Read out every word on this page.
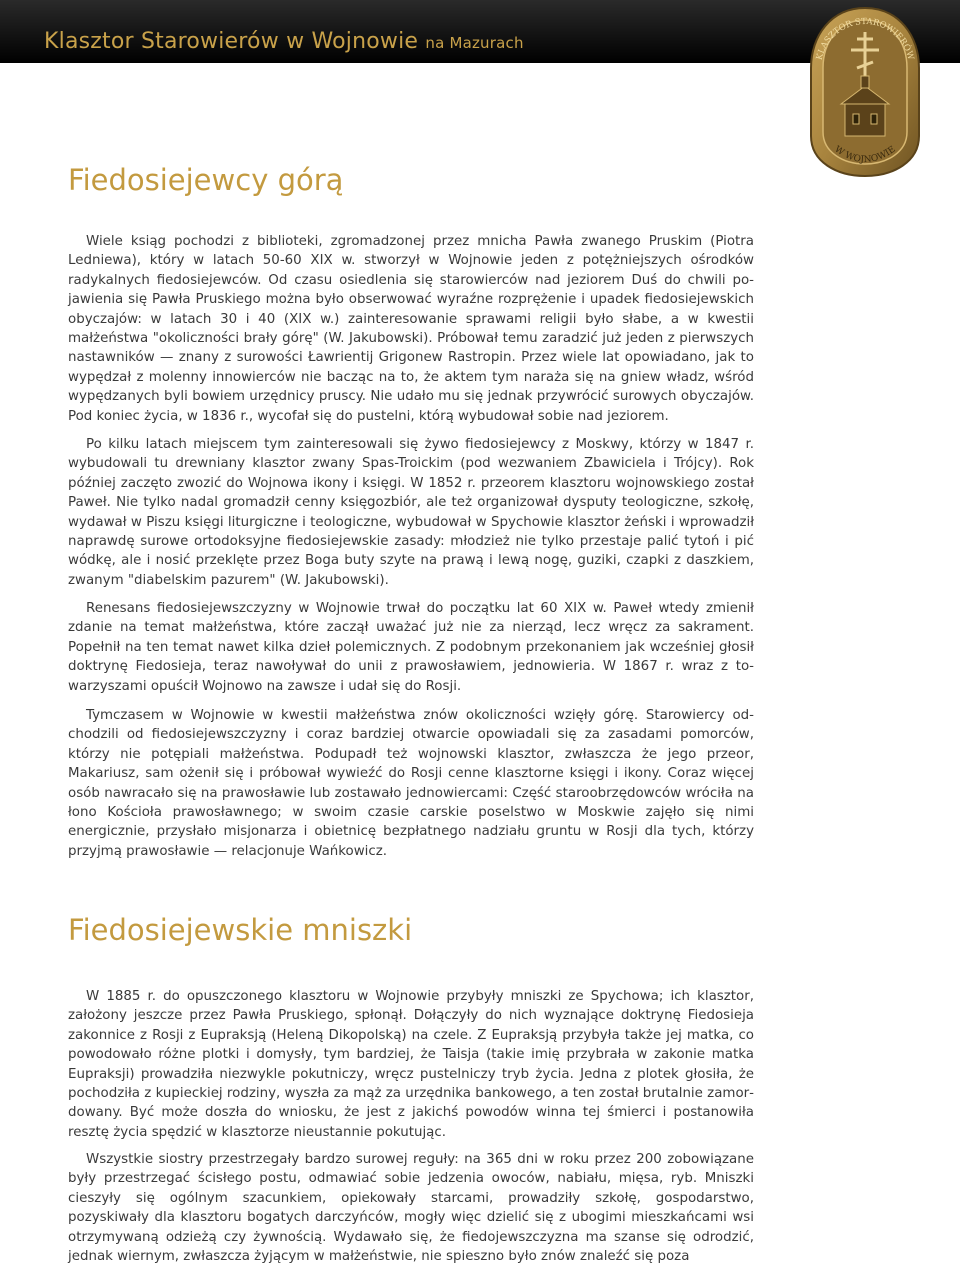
Klasztor Starowierów w Wojnowie na Mazurach
KLASZTOR STAROWIERÓW
W WOJNOWIE
Fiedosiejewcy górą

Wiele ksiąg pochodzi z biblioteki, zgromadzonej przez mnicha Pawła zwanego Pruskim (Piotra Ledniewa), który w latach 50-60 XIX w. stworzył w Wojnowie jeden z potężniejszych ośrodków radykalnych fiedosiejewców. Od czasu osiedlenia się starowierców nad jeziorem Duś do chwili pojawienia się Pawła Pruskiego można było obserwować wyraźne rozprężenie i upadek fiedosiejewskich obyczajów: w latach 30 i 40 (XIX w.) zainteresowanie sprawami religii było słabe, a w kwestii małżeństwa "okoliczności brały górę" (W. Jakubowski). Próbował temu zaradzić już jeden z pierwszych nastawników — znany z surowości Ławrientij Grigonew Rastropin. Przez wiele lat opowiadano, jak to wypędzał z molenny innowierców nie bacząc na to, że aktem tym naraża się na gniew władz, wśród wypędzanych byli bowiem urzędnicy pruscy. Nie udało mu się jednak przywrócić surowych obyczajów. Pod koniec życia, w 1836 r., wycofał się do pustelni, którą wybudował sobie nad jeziorem.

Po kilku latach miejscem tym zainteresowali się żywo fiedosiejewcy z Moskwy, którzy w 1847 r. wybudowali tu drewniany klasztor zwany Spas-Troickim (pod wezwaniem Zbawiciela i Trójcy). Rok później zaczęto zwozić do Wojnowa ikony i księgi. W 1852 r. przeorem klasztoru wojnowskiego został Paweł. Nie tylko nadal gromadził cenny księgozbiór, ale też organizował dysputy teologiczne, szkołę, wydawał w Piszu księgi liturgiczne i teologiczne, wybudował w Spychowie klasztor żeński i wprowadził naprawdę surowe ortodoksyjne fiedosiejewskie zasady: młodzież nie tylko przestaje palić tytoń i pić wódkę, ale i nosić przeklęte przez Boga buty szyte na prawą i lewą nogę, guziki, czapki z daszkiem, zwanym "diabelskim pazurem" (W. Jakubowski).

Renesans fiedosiejewszczyzny w Wojnowie trwał do początku lat 60 XIX w. Paweł wtedy zmienił zdanie na temat małżeństwa, które zaczął uważać już nie za nierząd, lecz wręcz za sakrament. Popełnił na ten temat nawet kilka dzieł polemicznych. Z podobnym przekonaniem jak wcześniej głosił doktrynę Fiedosieja, teraz nawoływał do unii z prawosławiem, jednowieria. W 1867 r. wraz z towarzyszami opuścił Wojnowo na zawsze i udał się do Rosji.

Tymczasem w Wojnowie w kwestii małżeństwa znów okoliczności wzięły górę. Starowiercy odchodzili od fiedosiejewszczyzny i coraz bardziej otwarcie opowiadali się za zasadami pomorców, którzy nie potępiali małżeństwa. Podupadł też wojnowski klasztor, zwłaszcza że jego przeor, Makariusz, sam ożenił się i próbował wywieźć do Rosji cenne klasztorne księgi i ikony. Coraz więcej osób nawracało się na prawosławie lub zostawało jednowiercami: Część staroobrzędowców wróciła na łono Kościoła prawosławnego; w swoim czasie carskie poselstwo w Moskwie zajęło się nimi energicznie, przysłało misjonarza i obietnicę bezpłatnego nadziału gruntu w Rosji dla tych, którzy przyjmą prawosławie — relacjonuje Wańkowicz.

Fiedosiejewskie mniszki

W 1885 r. do opuszczonego klasztoru w Wojnowie przybyły mniszki ze Spychowa; ich klasztor, założony jeszcze przez Pawła Pruskiego, spłonął. Dołączyły do nich wyznające doktrynę Fiedosieja zakonnice z Rosji z Eupraksją (Heleną Dikopolską) na czele. Z Eupraksją przybyła także jej matka, co powodowało różne plotki i domysły, tym bardziej, że Taisja (takie imię przybrała w zakonie matka Eupraksji) prowadziła niezwykle pokutniczy, wręcz pustelniczy tryb życia. Jedna z plotek głosiła, że pochodziła z kupieckiej rodziny, wyszła za mąż za urzędnika bankowego, a ten został brutalnie zamordowany. Być może doszła do wniosku, że jest z jakichś powodów winna tej śmierci i postanowiła resztę życia spędzić w klasztorze nieustannie pokutując.

Wszystkie siostry przestrzegały bardzo surowej reguły: na 365 dni w roku przez 200 zobowiązane były przestrzegać ścisłego postu, odmawiać sobie jedzenia owoców, nabiału, mięsa, ryb. Mniszki cieszyły się ogólnym szacunkiem, opiekowały starcami, prowadziły szkołę, gospodarstwo, pozyskiwały dla klasztoru bogatych darczyńców, mogły więc dzielić się z ubogimi mieszkańcami wsi otrzymywaną odzieżą czy żywnością. Wydawało się, że fiedojewszczyzna ma szanse się odrodzić, jednak wiernym, zwłaszcza żyjącym w małżeństwie, nie spieszno było znów znaleźć się poza
